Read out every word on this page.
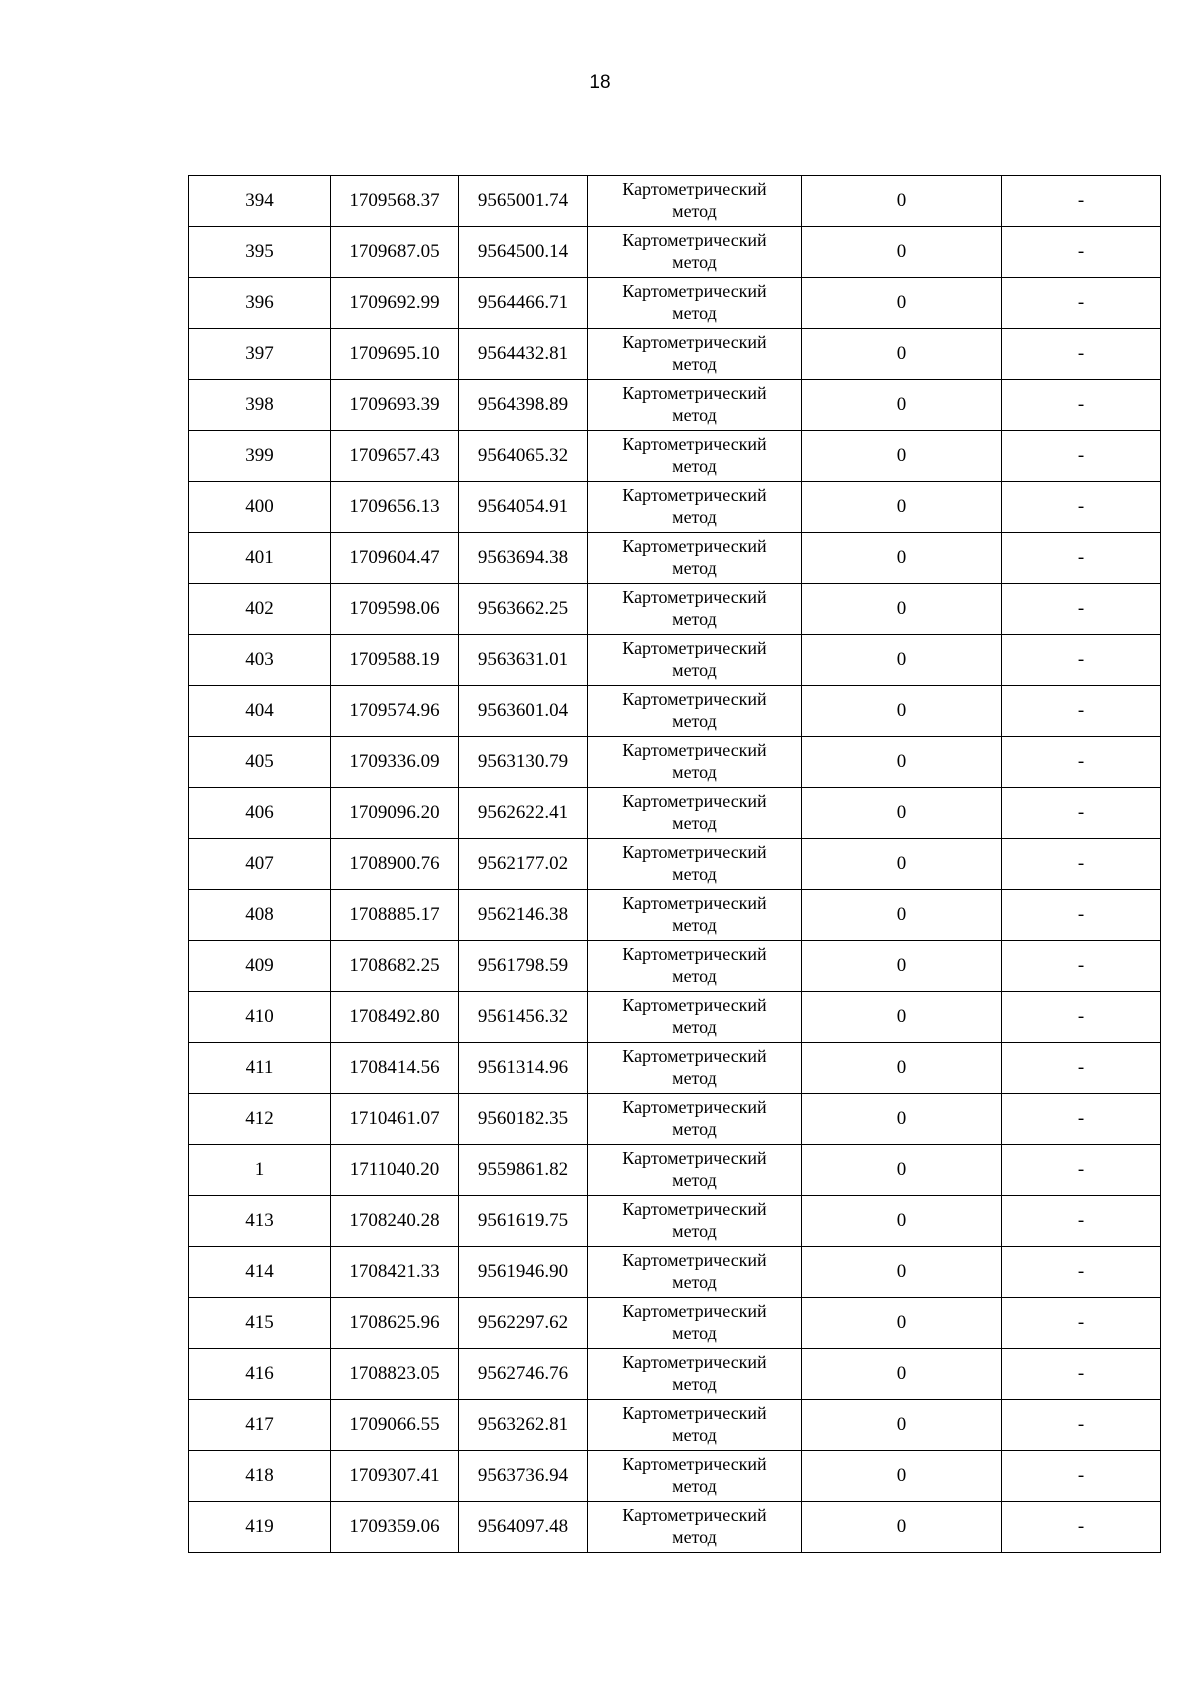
18
394	1709568.37	9565001.74	Картометрический метод	0	-
395	1709687.05	9564500.14	Картометрический метод	0	-
396	1709692.99	9564466.71	Картометрический метод	0	-
397	1709695.10	9564432.81	Картометрический метод	0	-
398	1709693.39	9564398.89	Картометрический метод	0	-
399	1709657.43	9564065.32	Картометрический метод	0	-
400	1709656.13	9564054.91	Картометрический метод	0	-
401	1709604.47	9563694.38	Картометрический метод	0	-
402	1709598.06	9563662.25	Картометрический метод	0	-
403	1709588.19	9563631.01	Картометрический метод	0	-
404	1709574.96	9563601.04	Картометрический метод	0	-
405	1709336.09	9563130.79	Картометрический метод	0	-
406	1709096.20	9562622.41	Картометрический метод	0	-
407	1708900.76	9562177.02	Картометрический метод	0	-
408	1708885.17	9562146.38	Картометрический метод	0	-
409	1708682.25	9561798.59	Картометрический метод	0	-
410	1708492.80	9561456.32	Картометрический метод	0	-
411	1708414.56	9561314.96	Картометрический метод	0	-
412	1710461.07	9560182.35	Картометрический метод	0	-
1	1711040.20	9559861.82	Картометрический метод	0	-
413	1708240.28	9561619.75	Картометрический метод	0	-
414	1708421.33	9561946.90	Картометрический метод	0	-
415	1708625.96	9562297.62	Картометрический метод	0	-
416	1708823.05	9562746.76	Картометрический метод	0	-
417	1709066.55	9563262.81	Картометрический метод	0	-
418	1709307.41	9563736.94	Картометрический метод	0	-
419	1709359.06	9564097.48	Картометрический метод	0	-
